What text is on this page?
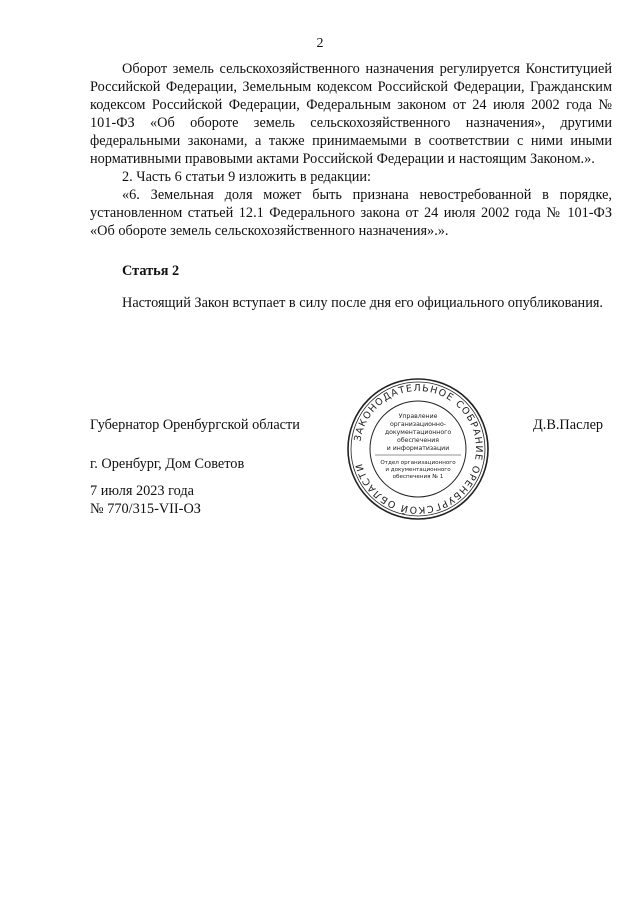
2

Оборот земель сельскохозяйственного назначения регулируется Конституцией Российской Федерации, Земельным кодексом Российской Федерации, Гражданским кодексом Российской Федерации, Федеральным законом от 24 июля 2002 года № 101-ФЗ «Об обороте земель сельскохозяйственного назначения», другими федеральными законами, а также принимаемыми в соответствии с ними иными нормативными правовыми актами Российской Федерации и настоящим Законом.».

2. Часть 6 статьи 9 изложить в редакции:

«6. Земельная доля может быть признана невостребованной в порядке, установленном статьей 12.1 Федерального закона от 24 июля 2002 года № 101-ФЗ «Об обороте земель сельскохозяйственного назначения».».

Статья 2

Настоящий Закон вступает в силу после дня его официального опубликования.

Губернатор Оренбургской области	Д.В.Паслер
г. Оренбург, Дом Советов
7 июля 2023 года
№ 770/315-VII-ОЗ
ЗАКОНОДАТЕЛЬНОЕ СОБРАНИЕ ОРЕНБУРГСКОЙ ОБЛАСТИ
Управление
организационно-
документационного
обеспечения
и информатизации
Отдел организационного
и документационного
обеспечения № 1
